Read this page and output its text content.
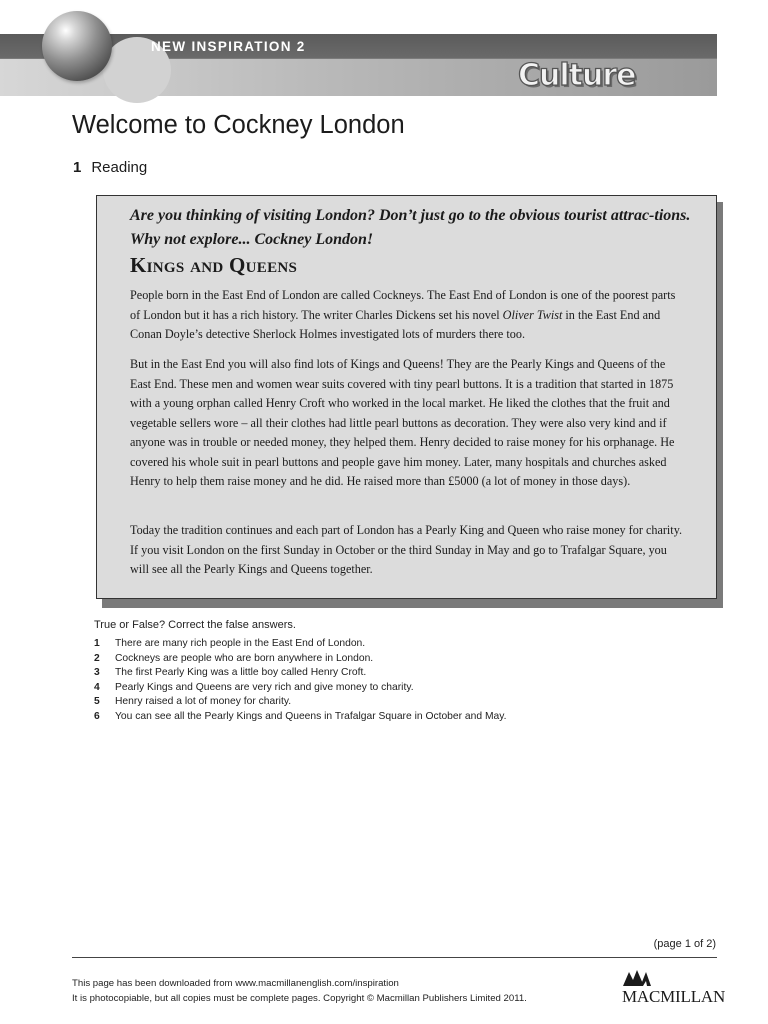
NEW INSPIRATION 2
Culture
Welcome to Cockney London
1 Reading

Are you thinking of visiting London? Don’t just go to the obvious tourist attrac-tions. Why not explore... Cockney London!

Kings and Queens

People born in the East End of London are called Cockneys. The East End of London is one of the poorest parts of London but it has a rich history. The writer Charles Dickens set his novel Oliver Twist in the East End and Conan Doyle’s detective Sherlock Holmes investigated lots of murders there too.

But in the East End you will also find lots of Kings and Queens! They are the Pearly Kings and Queens of the East End. These men and women wear suits covered with tiny pearl buttons. It is a tradition that started in 1875 with a young orphan called Henry Croft who worked in the local market. He liked the clothes that the fruit and vegetable sellers wore – all their clothes had little pearl buttons as decoration. They were also very kind and if anyone was in trouble or needed money, they helped them. Henry decided to raise money for his orphanage. He covered his whole suit in pearl buttons and people gave him money. Later, many hospitals and churches asked Henry to help them raise money and he did. He raised more than £5000 (a lot of money in those days).

Today the tradition continues and each part of London has a Pearly King and Queen who raise money for charity. If you visit London on the first Sunday in October or the third Sunday in May and go to Trafalgar Square, you will see all the Pearly Kings and Queens together.

True or False? Correct the false answers.
1 There are many rich people in the East End of London.
2 Cockneys are people who are born anywhere in London.
3 The first Pearly King was a little boy called Henry Croft.
4 Pearly Kings and Queens are very rich and give money to charity.
5 Henry raised a lot of money for charity.
6 You can see all the Pearly Kings and Queens in Trafalgar Square in October and May.
(page 1 of 2)
This page has been downloaded from www.macmillanenglish.com/inspiration
It is photocopiable, but all copies must be complete pages. Copyright © Macmillan Publishers Limited 2011.	MACMILLAN
